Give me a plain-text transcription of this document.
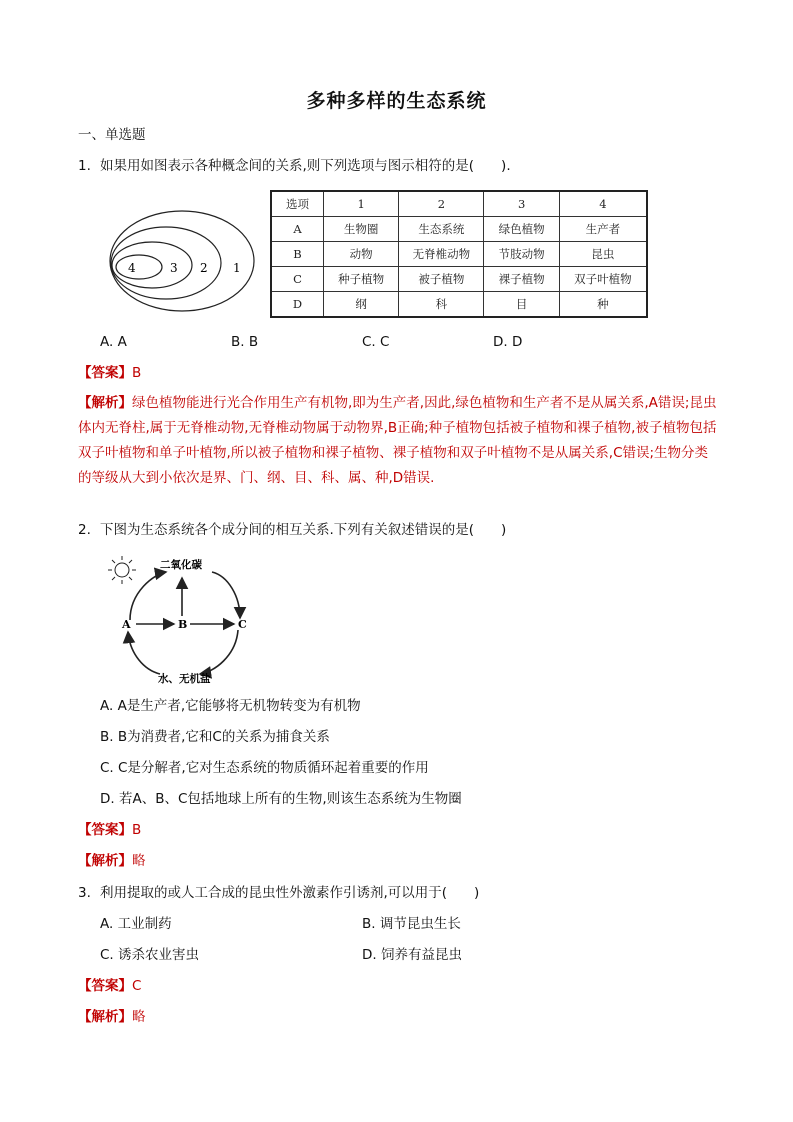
多种多样的生态系统
一、单选题
1. 如果用如图表示各种概念间的关系,则下列选项与图示相符的是(　　).
4	3 2 1
选项	1	2	3	4
A	生物圈	生态系统	绿色植物	生产者
B	动物	无脊椎动物	节肢动物	昆虫
C	种子植物	被子植物	裸子植物	双子叶植物
D	纲	科	目	种
A. A	B. B	C. C	D. D
【答案】B
【解析】绿色植物能进行光合作用生产有机物,即为生产者,因此,绿色植物和生产者不是从属关系,A错误;昆虫体内无脊柱,属于无脊椎动物,无脊椎动物属于动物界,B正确;种子植物包括被子植物和裸子植物,被子植物包括双子叶植物和单子叶植物,所以被子植物和裸子植物、裸子植物和双子叶植物不是从属关系,C错误;生物分类的等级从大到小依次是界、门、纲、目、科、属、种,D错误.
2. 下图为生态系统各个成分间的相互关系.下列有关叙述错误的是(　　)
二氧化碳
A	B	C
水、无机盐
A. A是生产者,它能够将无机物转变为有机物
B. B为消费者,它和C的关系为捕食关系
C. C是分解者,它对生态系统的物质循环起着重要的作用
D. 若A、B、C包括地球上所有的生物,则该生态系统为生物圈
【答案】B
【解析】略
3. 利用提取的或人工合成的昆虫性外激素作引诱剂,可以用于(　　)
A. 工业制药	B. 调节昆虫生长
C. 诱杀农业害虫	D. 饲养有益昆虫
【答案】C
【解析】略
